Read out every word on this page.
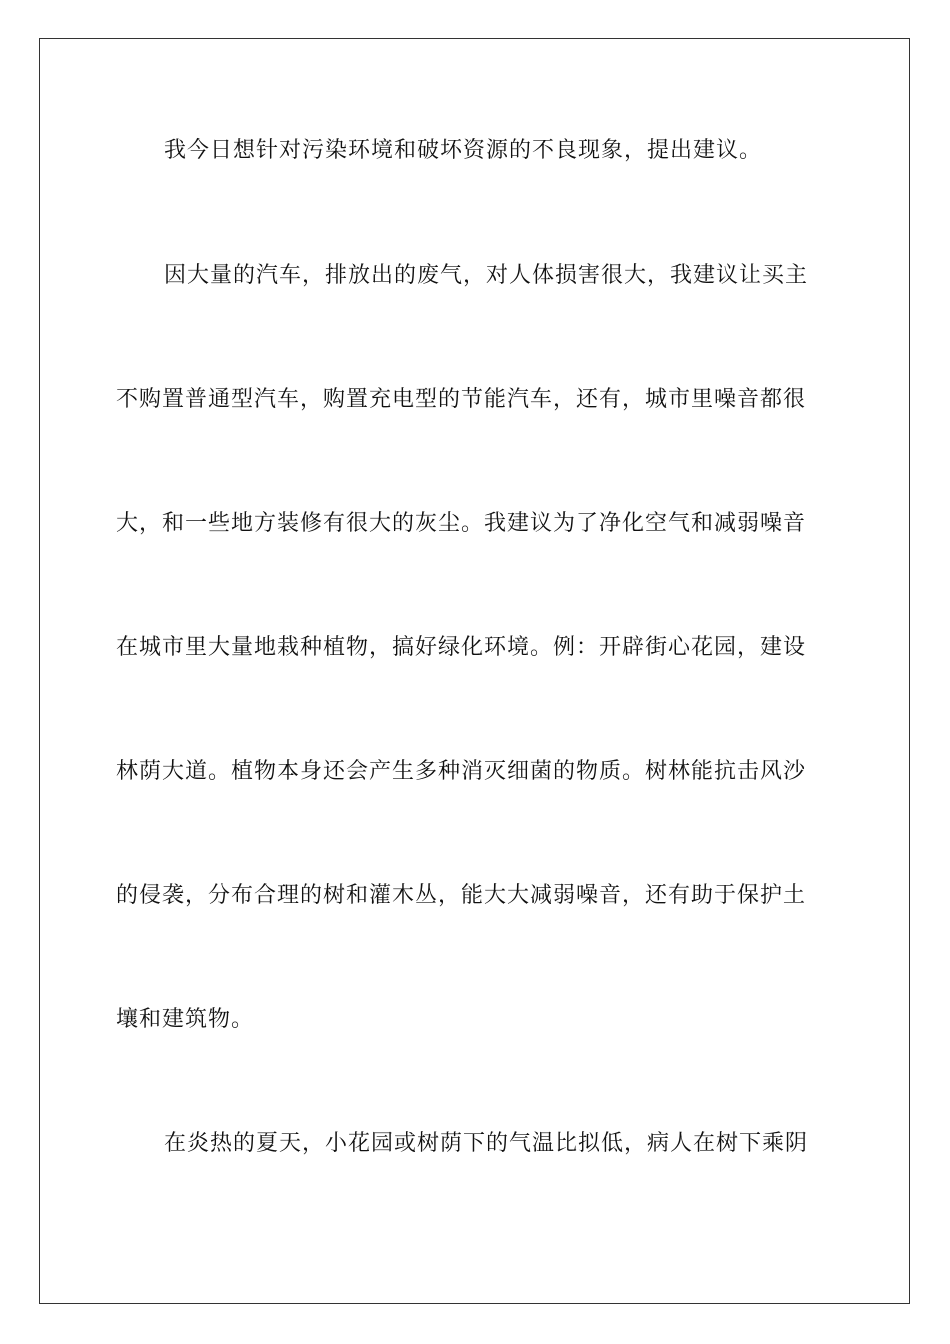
我今日想针对污染环境和破坏资源的不良现象，提出建议。
因大量的汽车，排放出的废气，对人体损害很大，我建议让买主
不购置普通型汽车，购置充电型的节能汽车，还有，城市里噪音都很
大，和一些地方装修有很大的灰尘。我建议为了净化空气和减弱噪音
在城市里大量地栽种植物，搞好绿化环境。例：开辟街心花园，建设
林荫大道。植物本身还会产生多种消灭细菌的物质。树林能抗击风沙
的侵袭，分布合理的树和灌木丛，能大大减弱噪音，还有助于保护土
壤和建筑物。
在炎热的夏天，小花园或树荫下的气温比拟低，病人在树下乘阴
